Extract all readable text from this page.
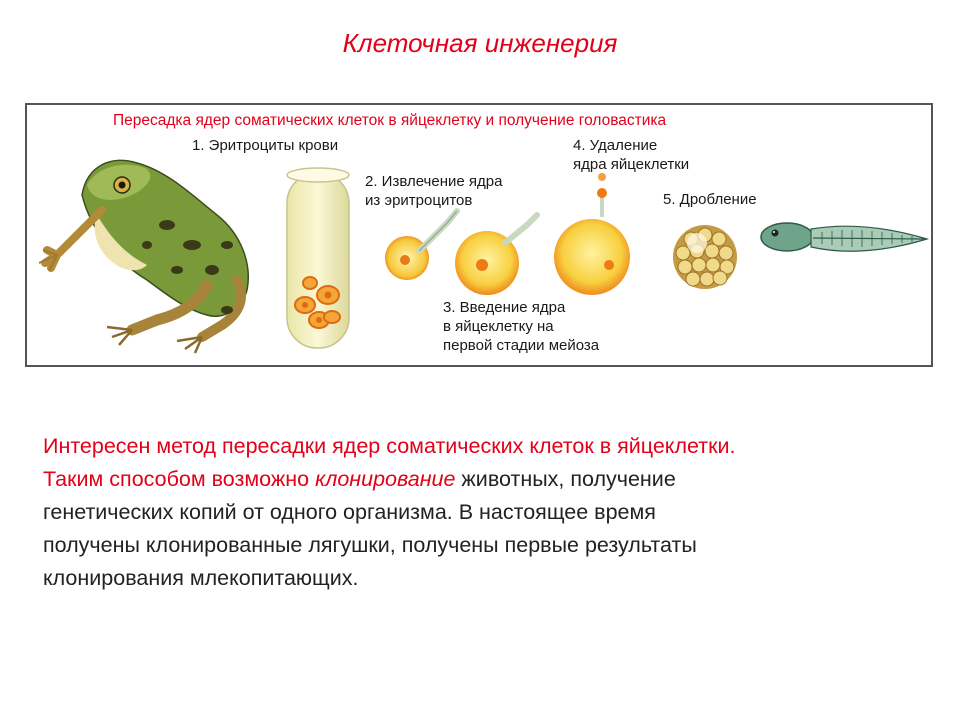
Клеточная инженерия
Пересадка ядер соматических клеток в яйцеклетку и получение головастика
1. Эритроциты крови
2. Извлечение ядра
из эритроцитов
4. Удаление
ядра яйцеклетки
5. Дробление
3. Введение ядра
в яйцеклетку на
первой стадии мейоза
Интересен метод пересадки ядер соматических клеток в яйцеклетки.
Таким способом возможно клонирование животных, получение
генетических копий от одного организма. В настоящее время
получены клонированные лягушки, получены первые результаты
клонирования млекопитающих.
